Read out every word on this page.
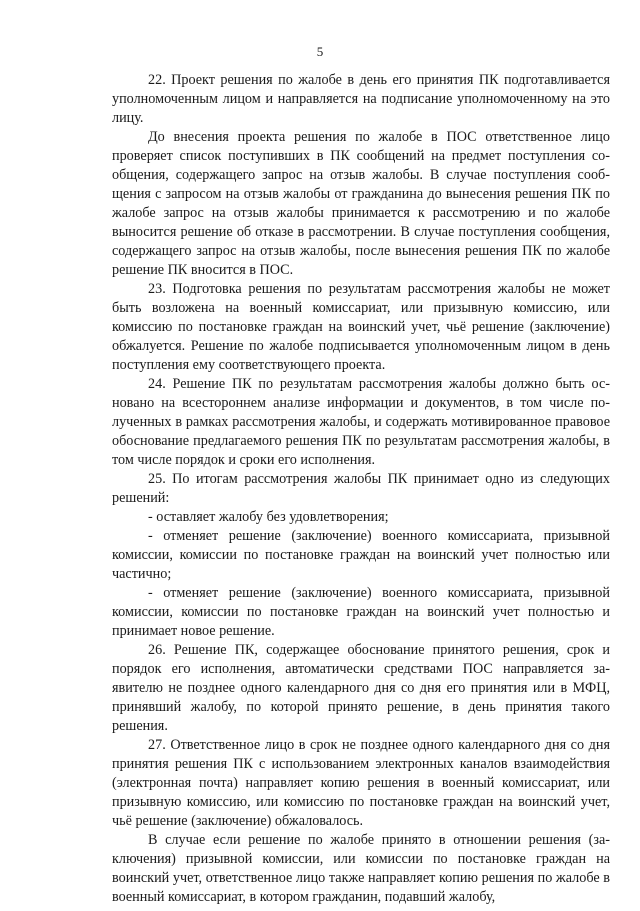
5

22. Проект решения по жалобе в день его принятия ПК подготавливается уполномоченным лицом и направляется на подписание уполномоченному на это лицу.

До внесения проекта решения по жалобе в ПОС ответственное лицо проверяет список поступивших в ПК сообщений на предмет поступления сообщения, содержащего запрос на отзыв жалобы. В случае поступления сообщения с запросом на отзыв жалобы от гражданина до вынесения решения ПК по жалобе запрос на отзыв жалобы принимается к рассмотрению и по жалобе выносится решение об отказе в рассмотрении. В случае поступления сообщения, содержащего запрос на отзыв жалобы, после вынесения решения ПК по жалобе решение ПК вносится в ПОС.

23. Подготовка решения по результатам рассмотрения жалобы не может быть возложена на военный комиссариат, или призывную комиссию, или комиссию по постановке граждан на воинский учет, чьё решение (заключение) обжалуется. Решение по жалобе подписывается уполномоченным лицом в день поступления ему соответствующего проекта.

24. Решение ПК по результатам рассмотрения жалобы должно быть основано на всестороннем анализе информации и документов, в том числе полученных в рамках рассмотрения жалобы, и содержать мотивированное правовое обоснование предлагаемого решения ПК по результатам рассмотрения жалобы, в том числе порядок и сроки его исполнения.

25. По итогам рассмотрения жалобы ПК принимает одно из следующих решений:

- оставляет жалобу без удовлетворения;

- отменяет решение (заключение) военного комиссариата, призывной комиссии, комиссии по постановке граждан на воинский учет полностью или частично;

- отменяет решение (заключение) военного комиссариата, призывной комиссии, комиссии по постановке граждан на воинский учет полностью и принимает новое решение.

26. Решение ПК, содержащее обоснование принятого решения, срок и порядок его исполнения, автоматически средствами ПОС направляется заявителю не позднее одного календарного дня со дня его принятия или в МФЦ, принявший жалобу, по которой принято решение, в день принятия такого решения.

27. Ответственное лицо в срок не позднее одного календарного дня со дня принятия решения ПК с использованием электронных каналов взаимодействия (электронная почта) направляет копию решения в военный комиссариат, или призывную комиссию, или комиссию по постановке граждан на воинский учет, чьё решение (заключение) обжаловалось.

В случае если решение по жалобе принято в отношении решения (заключения) призывной комиссии, или комиссии по постановке граждан на воинский учет, ответственное лицо также направляет копию решения по жалобе в военный комиссариат, в котором гражданин, подавший жалобу,
